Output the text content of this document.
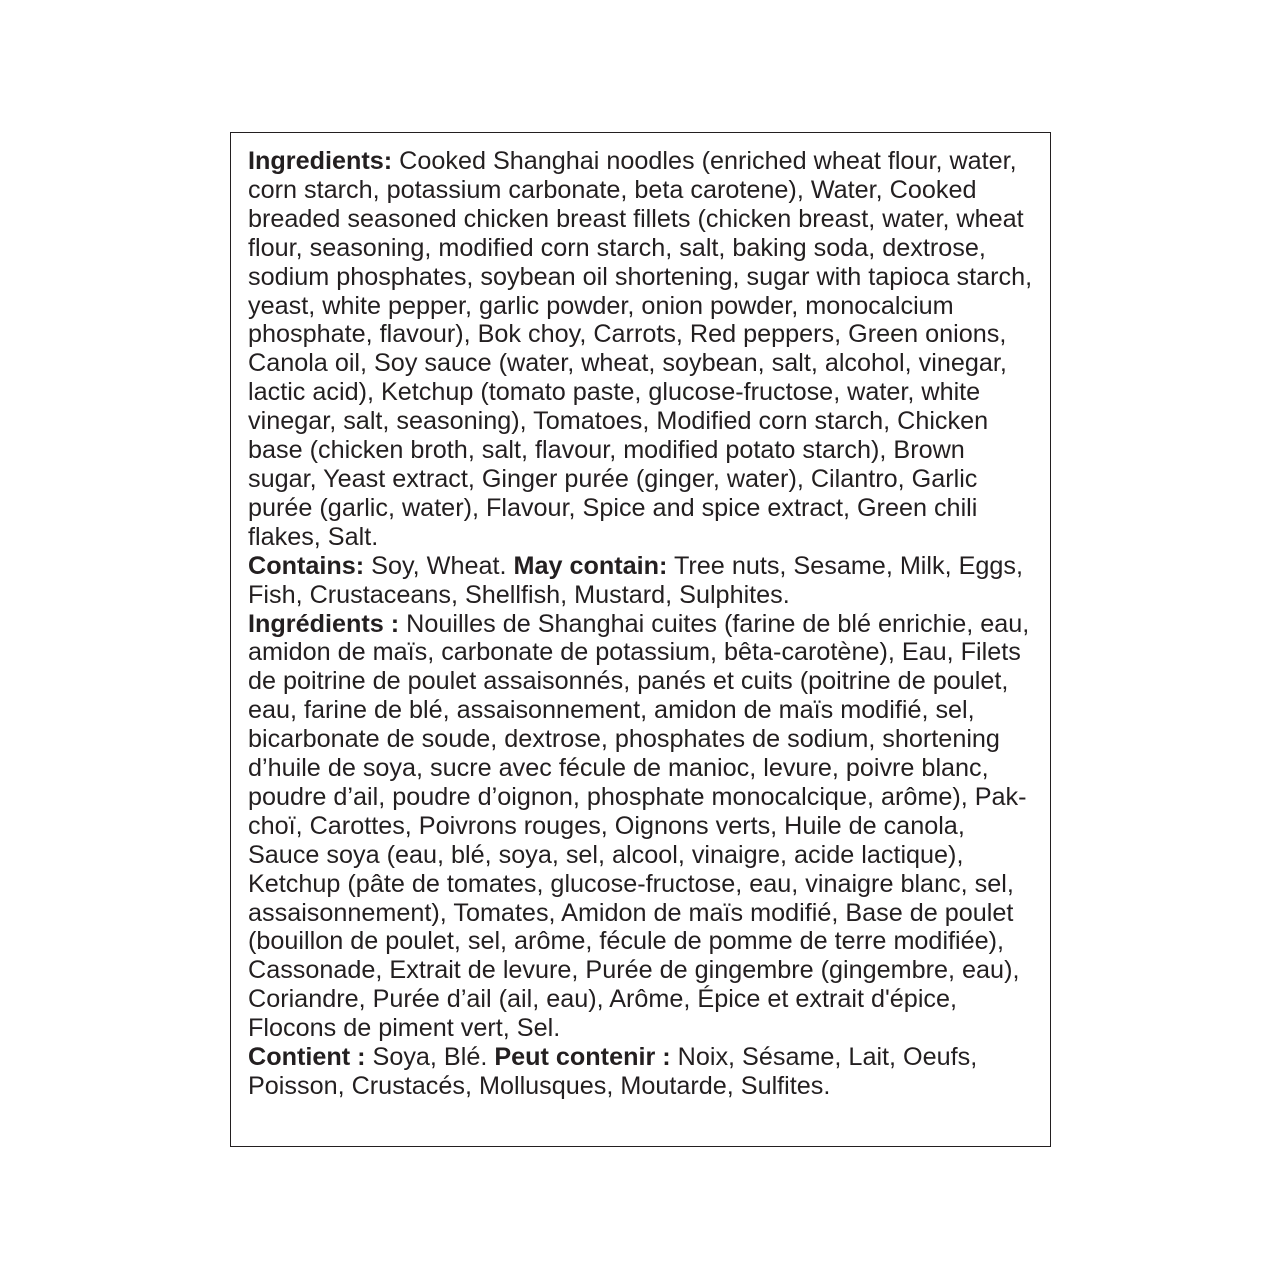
Ingredients: Cooked Shanghai noodles (enriched wheat flour, water, corn starch, potassium carbonate, beta carotene), Water, Cooked breaded seasoned chicken breast fillets (chicken breast, water, wheat flour, seasoning, modified corn starch, salt, baking soda, dextrose, sodium phosphates, soybean oil shortening, sugar with tapioca starch, yeast, white pepper, garlic powder, onion powder, monocalcium phosphate, flavour), Bok choy, Carrots, Red peppers, Green onions, Canola oil, Soy sauce (water, wheat, soybean, salt, alcohol, vinegar, lactic acid), Ketchup (tomato paste, glucose-fructose, water, white vinegar, salt, seasoning), Tomatoes, Modified corn starch, Chicken base (chicken broth, salt, flavour, modified potato starch), Brown sugar, Yeast extract, Ginger purée (ginger, water), Cilantro, Garlic purée (garlic, water), Flavour, Spice and spice extract, Green chili flakes, Salt.

Contains: Soy, Wheat. May contain: Tree nuts, Sesame, Milk, Eggs, Fish, Crustaceans, Shellfish, Mustard, Sulphites.

Ingrédients : Nouilles de Shanghai cuites (farine de blé enrichie, eau, amidon de maïs, carbonate de potassium, bêta-carotène), Eau, Filets de poitrine de poulet assaisonnés, panés et cuits (poitrine de poulet, eau, farine de blé, assaisonnement, amidon de maïs modifié, sel, bicarbonate de soude, dextrose, phosphates de sodium, shortening d’huile de soya, sucre avec fécule de manioc, levure, poivre blanc, poudre d’ail, poudre d’oignon, phosphate monocalcique, arôme), Pak-choï, Carottes, Poivrons rouges, Oignons verts, Huile de canola, Sauce soya (eau, blé, soya, sel, alcool, vinaigre, acide lactique), Ketchup (pâte de tomates, glucose-fructose, eau, vinaigre blanc, sel, assaisonnement), Tomates, Amidon de maïs modifié, Base de poulet (bouillon de poulet, sel, arôme, fécule de pomme de terre modifiée), Cassonade, Extrait de levure, Purée de gingembre (gingembre, eau), Coriandre, Purée d’ail (ail, eau), Arôme, Épice et extrait d'épice, Flocons de piment vert, Sel.

Contient : Soya, Blé. Peut contenir : Noix, Sésame, Lait, Oeufs, Poisson, Crustacés, Mollusques, Moutarde, Sulfites.
